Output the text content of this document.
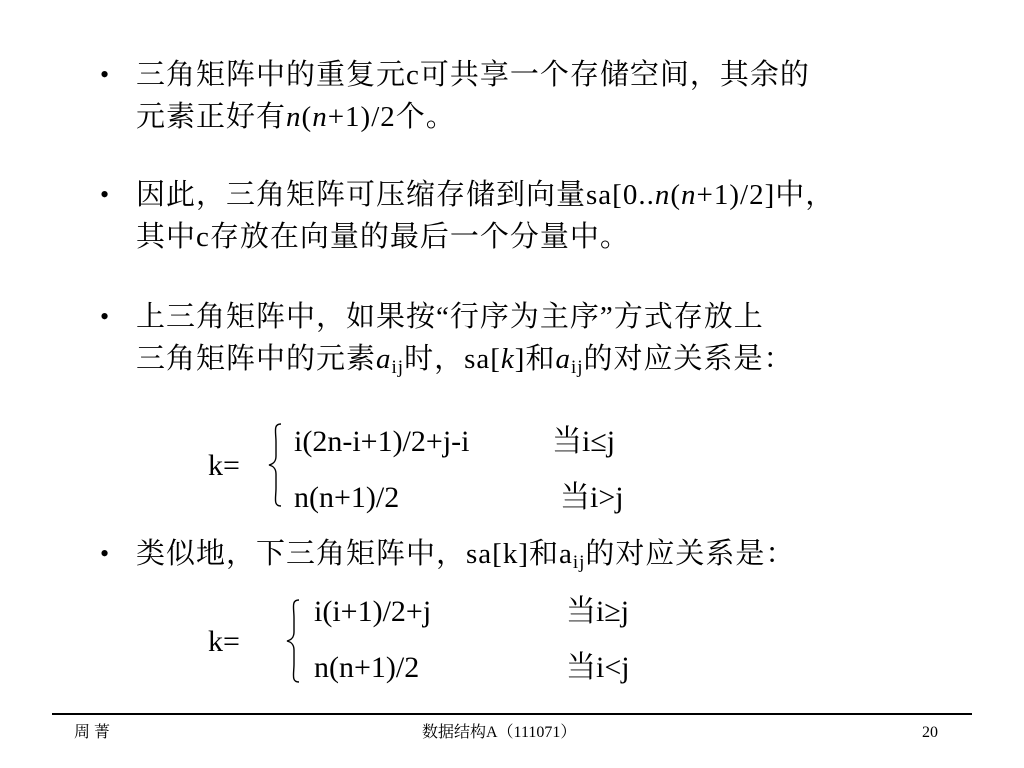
• 三角矩阵中的重复元c可共享一个存储空间，其余的
元素正好有n(n+1)/2个。
• 因此，三角矩阵可压缩存储到向量sa[0..n(n+1)/2]中，
其中c存放在向量的最后一个分量中。
• 上三角矩阵中，如果按“行序为主序”方式存放上
三角矩阵中的元素$a_{ij}$时，sa[k]和$a_{ij}$的对应关系是：
k=
i(2n-i+1)/2+j-i	当i≤j
n(n+1)/2	当i>j
• 类似地，下三角矩阵中，sa[k]和$a_{ij}$的对应关系是：
k=
i(i+1)/2+j	当i≥j
n(n+1)/2	当i<j
周 菁	数据结构A（111071）	20
